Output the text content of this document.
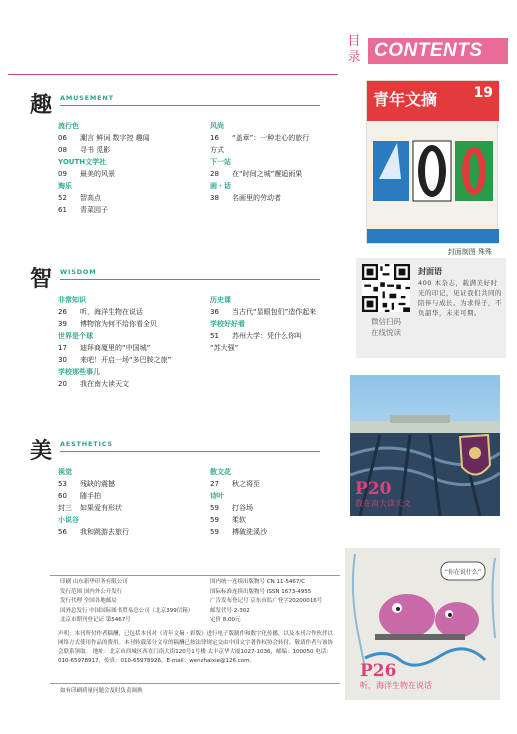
目录 CONTENTS
趣 AMUSEMENT
流行色
06 潮言 鲜词 数字控 趣闻
08 寻书 觅影
YOUTH文学社
09 最美的风景
淘乐
52 智高点
61 青菜园子
风尚
16 “盖章”：一种走心的旅行
方式
下一站
28 在“时间之城”邂逅雨果
画・话
38 名画里的劳动者
智 WISDOM
非常知识
26 听，海洋生物在说话
39 博物馆为何不给你看全贝
世界是个球
17 迪拜商厦里的“中国城”
30 来吧！开启一场“多巴胺之旅”
学校那些事儿
20 我在南大读天文
历史课
36 当古代“显眼包们”造作起来
学校好好看
51 苏州大学：凭什么你叫
“苏大强”
美 AESTHETICS
视觉
53 残缺的震撼
60 随手拍
封三 如果爱有形状
小说谷
56 我和跳游去旅行
散文花
27 秋之将至
诗叶
59 打谷场
59 柔软
59 搏破洗溪沙
青年文摘	19
封面制图 殊殊
微信扫码
在线悦读
封面语
400 本杂志，载满美好时光的印记，见证我们共同的陪伴与成长。为求得子，不负韶华，未来可期。
P20
我在南大读天文
“你在说什么”
P26
听，海洋生物在说话
印刷 山东新华印务有限公司
发行范围 国内外公开发行
发行代理 全国各地邮局
国外总发行 中国国际图书贸易总公司（北京399信箱）
北京市期刊登记证 第5467号
国内统一连续出版物号 CN 11-5467/C
国际标准连续出版物号 ISSN 1673-4955
广告发布登记号 京东市监广登字20200016号
邮发代号 2-302
定价 8.00元
声明：本刊所付作者稿酬，已包括本刊对《青年文摘・彩版》进行电子版制作和数字化传播，以及本刊合作伙伴以网络方式使用作品的费用。本刊转载部分文章的稿酬已按法律规定交由中国文字著作权协会转付，敬请作者与该协会联系领取。 地址：北京市西城区西直门南大街120号1号楼 太丰京华大厦1027-1036，邮编：100050 电话：010-65978917，传真：010-65978926，E-mail：wenzhaixie@126.com。
如有印刷质量问题会及时负责调换
